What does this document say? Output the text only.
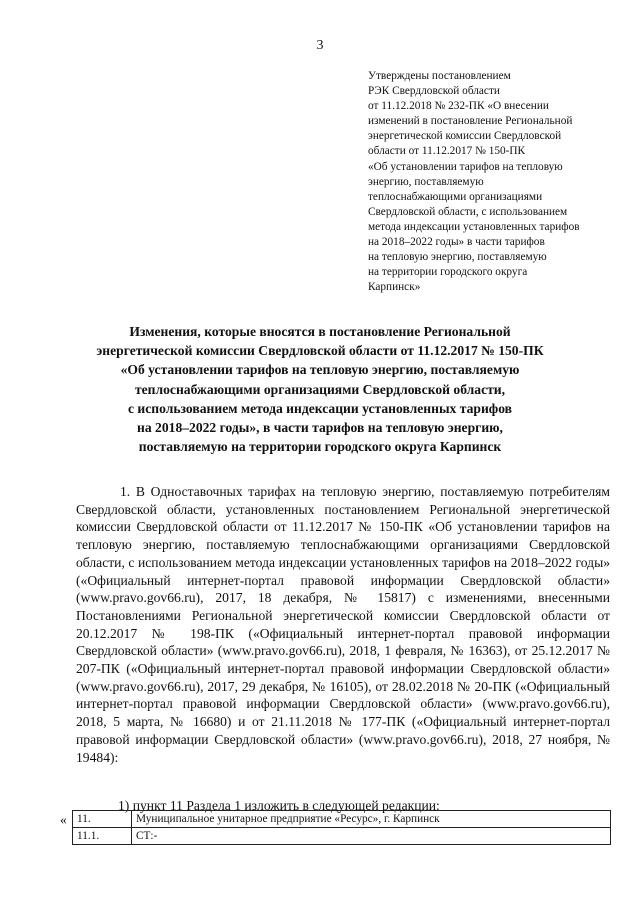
3
Утверждены постановлением
РЭК Свердловской области
от 11.12.2018 № 232-ПК «О внесении
изменений в постановление Региональной
энергетической комиссии Свердловской
области от 11.12.2017 № 150-ПК
«Об установлении тарифов на тепловую
энергию, поставляемую
теплоснабжающими организациями
Свердловской области, с использованием
метода индексации установленных тарифов
на 2018–2022 годы» в части тарифов
на тепловую энергию, поставляемую
на территории городского округа
Карпинск»
Изменения, которые вносятся в постановление Региональной
энергетической комиссии Свердловской области от 11.12.2017 № 150-ПК
«Об установлении тарифов на тепловую энергию, поставляемую
теплоснабжающими организациями Свердловской области,
с использованием метода индексации установленных тарифов
на 2018–2022 годы», в части тарифов на тепловую энергию,
поставляемую на территории городского округа Карпинск
1. В Одноставочных тарифах на тепловую энергию, поставляемую потребителям Свердловской области, установленных постановлением Региональной энергетической комиссии Свердловской области от 11.12.2017 № 150-ПК «Об установлении тарифов на тепловую энергию, поставляемую теплоснабжающими организациями Свердловской области, с использованием метода индексации установленных тарифов на 2018–2022 годы» («Официальный интернет-портал правовой информации Свердловской области» (www.pravo.gov66.ru), 2017, 18 декабря, № 15817) с изменениями, внесенными Постановлениями Региональной энергетической комиссии Свердловской области от 20.12.2017 № 198-ПК («Официальный интернет-портал правовой информации Свердловской области» (www.pravo.gov66.ru), 2018, 1 февраля, № 16363), от 25.12.2017 № 207-ПК («Официальный интернет-портал правовой информации Свердловской области» (www.pravo.gov66.ru), 2017, 29 декабря, № 16105), от 28.02.2018 № 20-ПК («Официальный интернет-портал правовой информации Свердловской области» (www.pravo.gov66.ru), 2018, 5 марта, № 16680) и от 21.11.2018 № 177-ПК («Официальный интернет-портал правовой информации Свердловской области» (www.pravo.gov66.ru), 2018, 27 ноября, № 19484):
1) пункт 11 Раздела 1 изложить в следующей редакции:
« 11.	Муниципальное унитарное предприятие «Ресурс», г. Карпинск
11.1.	СТ:-
